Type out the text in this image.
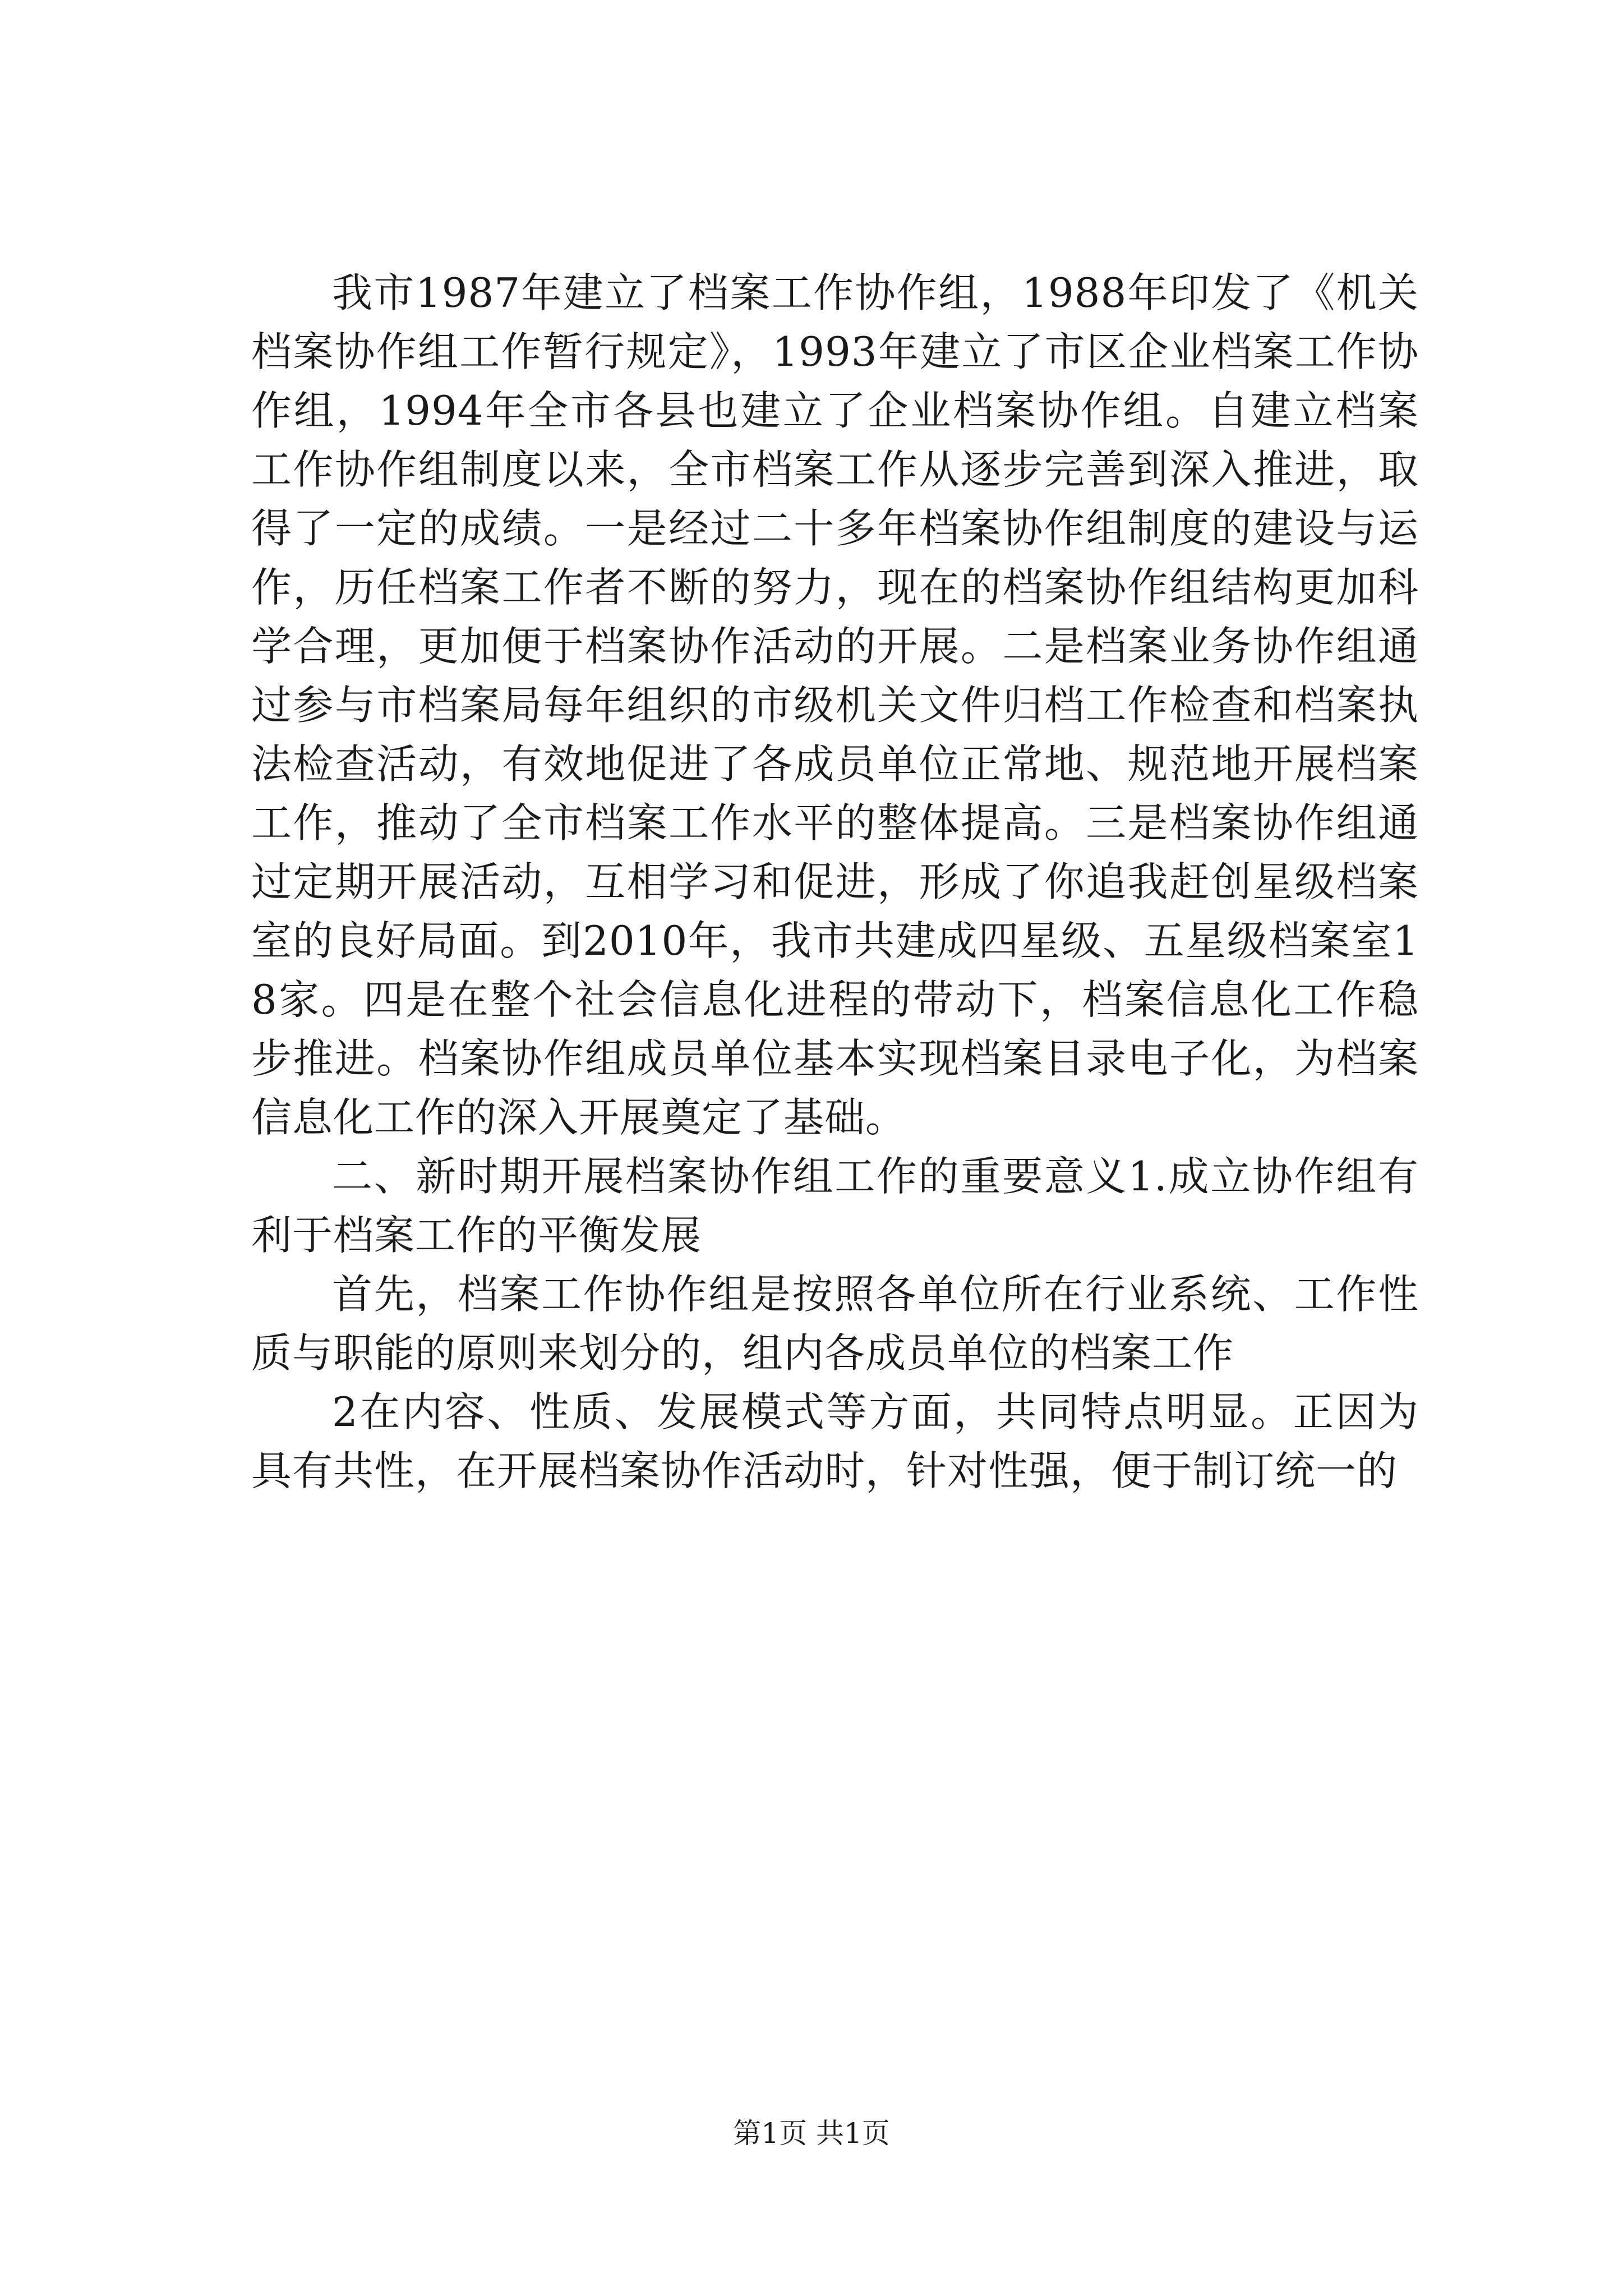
我市1987年建立了档案工作协作组，1988年印发了《机关档案协作组工作暂行规定》，1993年建立了市区企业档案工作协作组，1994年全市各县也建立了企业档案协作组。自建立档案工作协作组制度以来，全市档案工作从逐步完善到深入推进，取得了一定的成绩。一是经过二十多年档案协作组制度的建设与运作，历任档案工作者不断的努力，现在的档案协作组结构更加科学合理，更加便于档案协作活动的开展。二是档案业务协作组通过参与市档案局每年组织的市级机关文件归档工作检查和档案执法检查活动，有效地促进了各成员单位正常地、规范地开展档案工作，推动了全市档案工作水平的整体提高。三是档案协作组通过定期开展活动，互相学习和促进，形成了你追我赶创星级档案室的良好局面。到2010年，我市共建成四星级、五星级档案室18家。四是在整个社会信息化进程的带动下，档案信息化工作稳步推进。档案协作组成员单位基本实现档案目录电子化，为档案信息化工作的深入开展奠定了基础。

二、新时期开展档案协作组工作的重要意义1.成立协作组有利于档案工作的平衡发展

首先，档案工作协作组是按照各单位所在行业系统、工作性质与职能的原则来划分的，组内各成员单位的档案工作

2在内容、性质、发展模式等方面，共同特点明显。正因为具有共性，在开展档案协作活动时，针对性强，便于制订统一的

第1页 共1页
